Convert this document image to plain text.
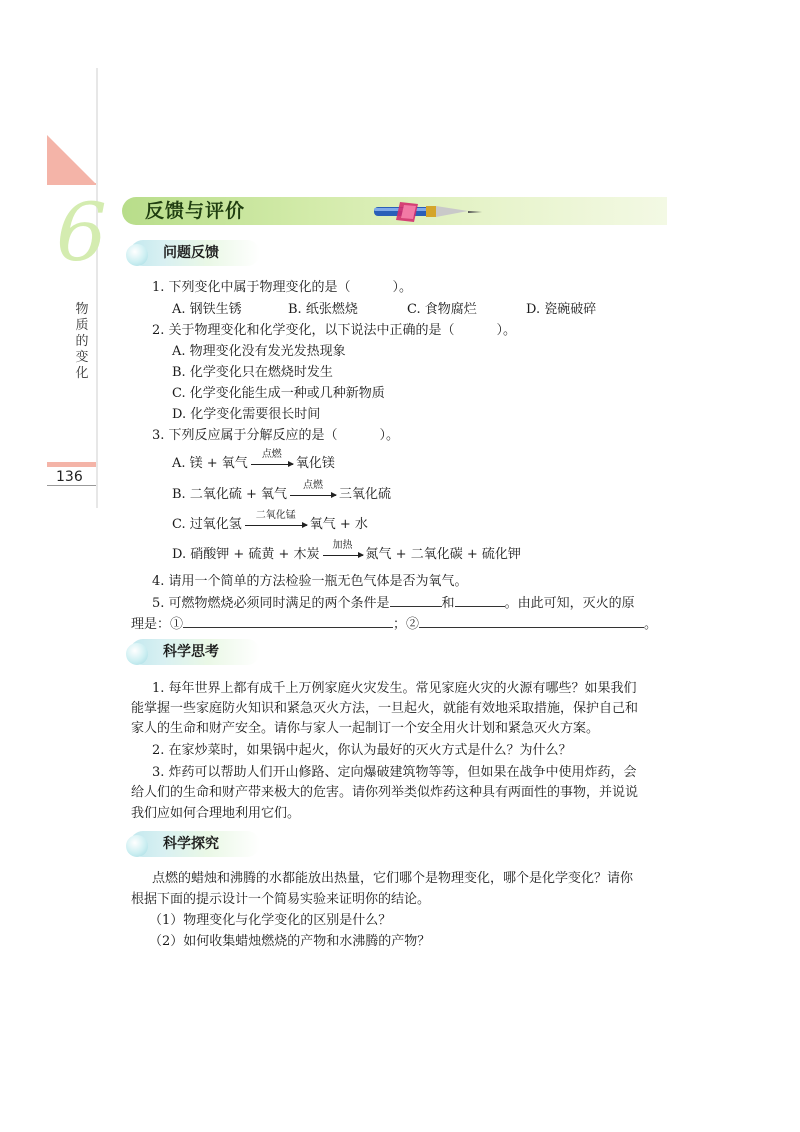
6
物
质
的
变
化
136
反馈与评价
问题反馈
1. 下列变化中属于物理变化的是（	）。
A. 钢铁生锈	B. 纸张燃烧	C. 食物腐烂	D. 瓷碗破碎
2. 关于物理变化和化学变化，以下说法中正确的是（	）。
A. 物理变化没有发光发热现象
B. 化学变化只在燃烧时发生
C. 化学变化能生成一种或几种新物质
D. 化学变化需要很长时间
3. 下列反应属于分解反应的是（	）。
A. 镁 + 氧气
点燃
氧化镁
B. 二氧化硫 + 氧气
点燃
三氧化硫
C. 过氧化氢
二氧化锰
氧气 + 水
D. 硝酸钾 + 硫黄 + 木炭
加热
氮气 + 二氧化碳 + 硫化钾
4. 请用一个简单的方法检验一瓶无色气体是否为氧气。
5. 可燃物燃烧必须同时满足的两个条件是	和	。由此可知，灭火的原
理是：①	；②	。
科学思考
1. 每年世界上都有成千上万例家庭火灾发生。常见家庭火灾的火源有哪些？如果我们
能掌握一些家庭防火知识和紧急灭火方法，一旦起火，就能有效地采取措施，保护自己和
家人的生命和财产安全。请你与家人一起制订一个安全用火计划和紧急灭火方案。
2. 在家炒菜时，如果锅中起火，你认为最好的灭火方式是什么？为什么？
3. 炸药可以帮助人们开山修路、定向爆破建筑物等等，但如果在战争中使用炸药，会
给人们的生命和财产带来极大的危害。请你列举类似炸药这种具有两面性的事物，并说说
我们应如何合理地利用它们。
科学探究
点燃的蜡烛和沸腾的水都能放出热量，它们哪个是物理变化，哪个是化学变化？请你
根据下面的提示设计一个简易实验来证明你的结论。
（1）物理变化与化学变化的区别是什么？
（2）如何收集蜡烛燃烧的产物和水沸腾的产物？
